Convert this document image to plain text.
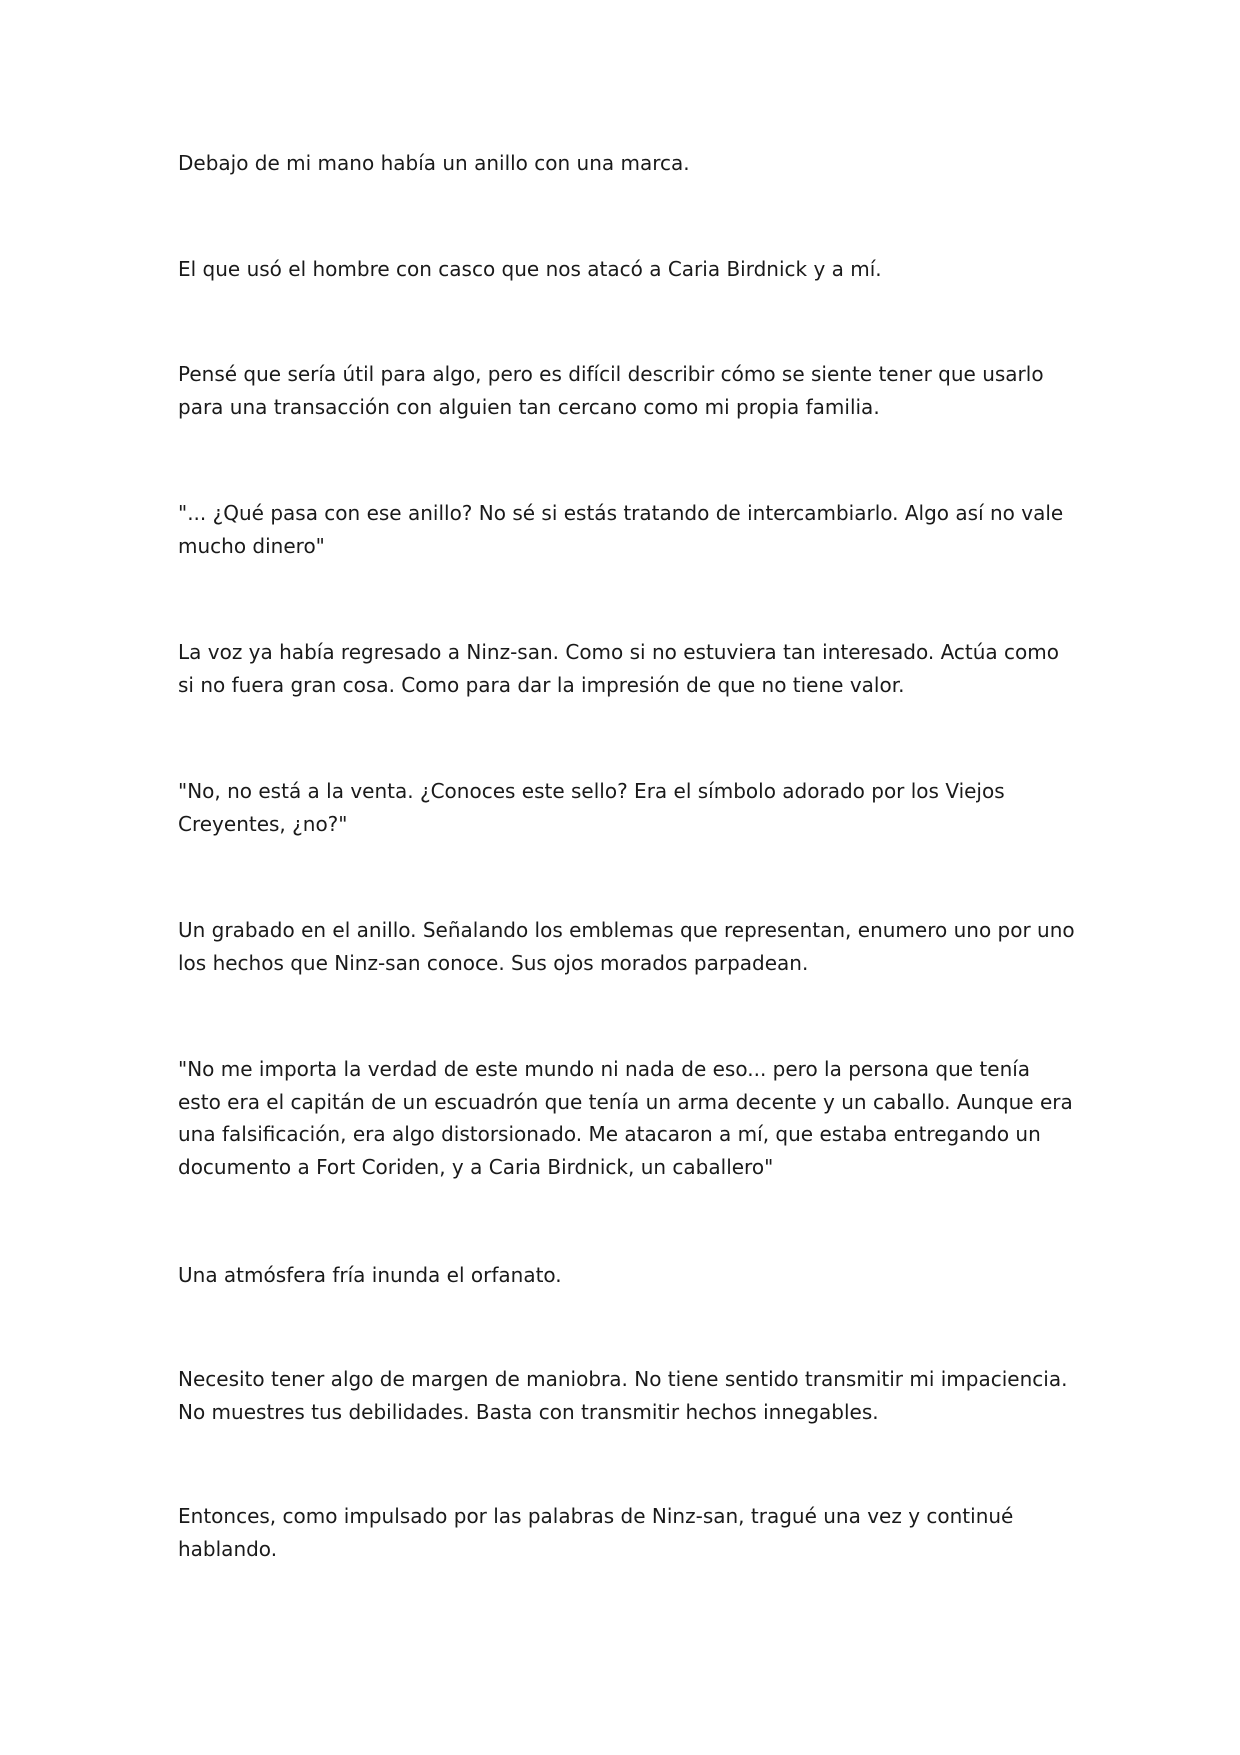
Debajo de mi mano había un anillo con una marca.

El que usó el hombre con casco que nos atacó a Caria Birdnick y a mí.

Pensé que sería útil para algo, pero es difícil describir cómo se siente tener que usarlo para una transacción con alguien tan cercano como mi propia familia.

"... ¿Qué pasa con ese anillo? No sé si estás tratando de intercambiarlo. Algo así no vale mucho dinero"

La voz ya había regresado a Ninz-san. Como si no estuviera tan interesado. Actúa como si no fuera gran cosa. Como para dar la impresión de que no tiene valor.

"No, no está a la venta. ¿Conoces este sello? Era el símbolo adorado por los Viejos Creyentes, ¿no?"

Un grabado en el anillo. Señalando los emblemas que representan, enumero uno por uno los hechos que Ninz-san conoce. Sus ojos morados parpadean.

"No me importa la verdad de este mundo ni nada de eso... pero la persona que tenía esto era el capitán de un escuadrón que tenía un arma decente y un caballo. Aunque era una falsificación, era algo distorsionado. Me atacaron a mí, que estaba entregando un documento a Fort Coriden, y a Caria Birdnick, un caballero"

Una atmósfera fría inunda el orfanato.

Necesito tener algo de margen de maniobra. No tiene sentido transmitir mi impaciencia. No muestres tus debilidades. Basta con transmitir hechos innegables.

Entonces, como impulsado por las palabras de Ninz-san, tragué una vez y continué hablando.
